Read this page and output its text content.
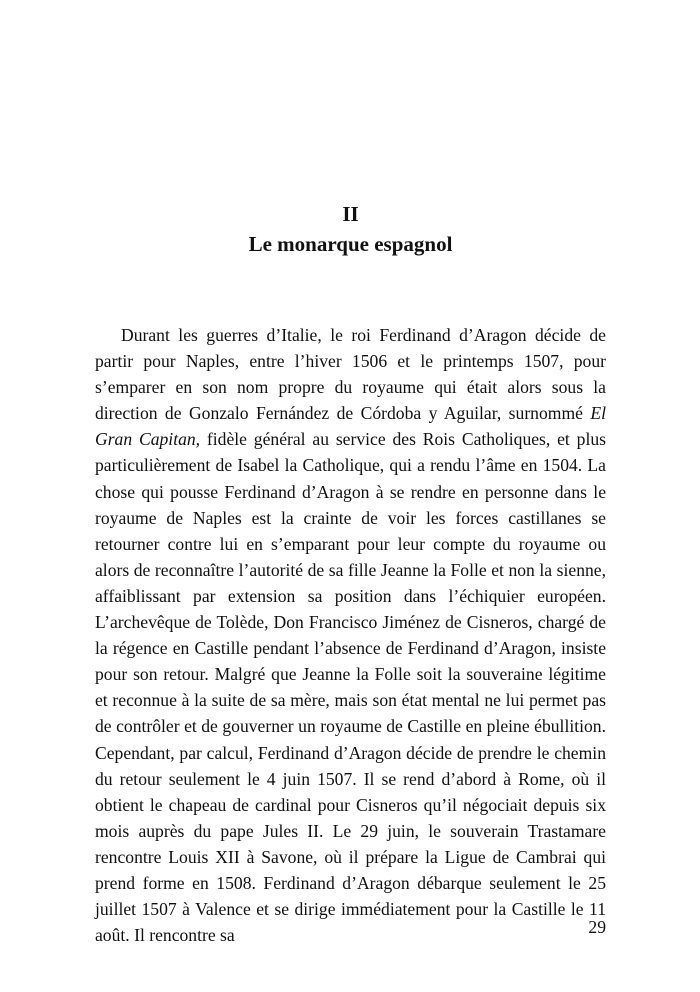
II
Le monarque espagnol

Durant les guerres d’Italie, le roi Ferdinand d’Aragon décide de partir pour Naples, entre l’hiver 1506 et le printemps 1507, pour s’emparer en son nom propre du royaume qui était alors sous la direction de Gonzalo Fernández de Córdoba y Aguilar, surnommé El Gran Capitan, fidèle général au service des Rois Catholiques, et plus particulièrement de Isabel la Catholique, qui a rendu l’âme en 1504. La chose qui pousse Ferdinand d’Aragon à se rendre en personne dans le royaume de Naples est la crainte de voir les forces castillanes se retourner contre lui en s’emparant pour leur compte du royaume ou alors de reconnaître l’autorité de sa fille Jeanne la Folle et non la sienne, affaiblissant par extension sa position dans l’échiquier européen. L’archevêque de Tolède, Don Francisco Jiménez de Cisneros, chargé de la régence en Castille pendant l’absence de Ferdinand d’Aragon, insiste pour son retour. Malgré que Jeanne la Folle soit la souveraine légitime et reconnue à la suite de sa mère, mais son état mental ne lui permet pas de contrôler et de gouverner un royaume de Castille en pleine ébullition. Cependant, par calcul, Ferdinand d’Aragon décide de prendre le chemin du retour seulement le 4 juin 1507. Il se rend d’abord à Rome, où il obtient le chapeau de cardinal pour Cisneros qu’il négociait depuis six mois auprès du pape Jules II. Le 29 juin, le souverain Trastamare rencontre Louis XII à Savone, où il prépare la Ligue de Cambrai qui prend forme en 1508. Ferdinand d’Aragon débarque seulement le 25 juillet 1507 à Valence et se dirige immédiatement pour la Castille le 11 août. Il rencontre sa	29
